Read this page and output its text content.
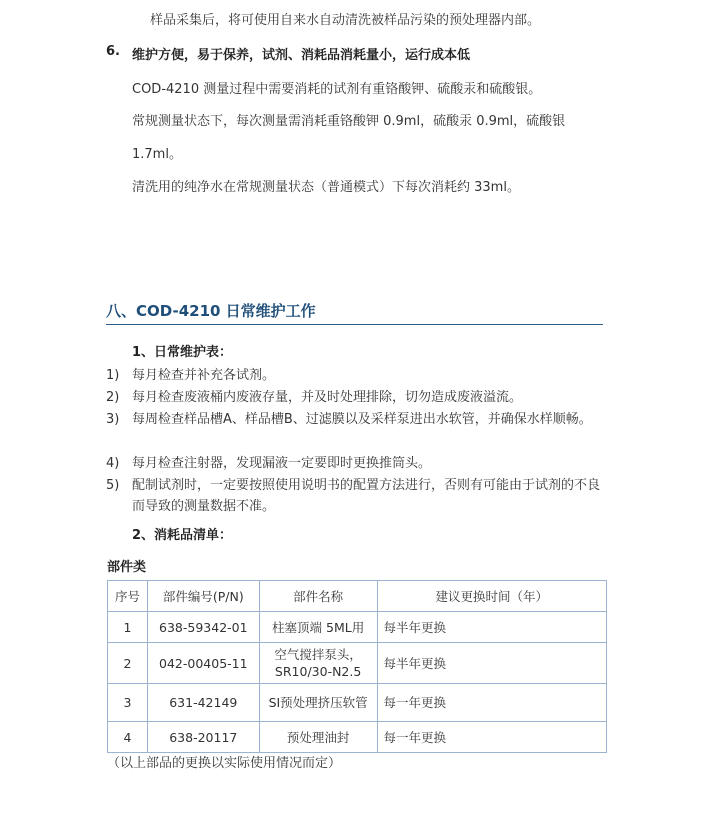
样品采集后，将可使用自来水自动清洗被样品污染的预处理器内部。
6. 维护方便，易于保养，试剂、消耗品消耗量小，运行成本低
COD-4210 测量过程中需要消耗的试剂有重铬酸钾、硫酸汞和硫酸银。
常规测量状态下，每次测量需消耗重铬酸钾 0.9ml，硫酸汞 0.9ml，硫酸银
1.7ml。
清洗用的纯净水在常规测量状态（普通模式）下每次消耗约 33ml。
八、COD-4210 日常维护工作
1、日常维护表：
1) 每月检查并补充各试剂。
2) 每月检查废液桶内废液存量，并及时处理排除，切勿造成废液溢流。
3) 每周检查样品槽A、样品槽B、过滤膜以及采样泵进出水软管，并确保水样顺畅。
4) 每月检查注射器，发现漏液一定要即时更换推筒头。
5) 配制试剂时，一定要按照使用说明书的配置方法进行，否则有可能由于试剂的不良而导致的测量数据不准。
2、消耗品清单：
部件类
序号	部件编号(P/N)	部件名称	建议更换时间（年）
1	638-59342-01	柱塞顶端 5ML用	每半年更换
2	042-00405-11	空气搅拌泵头，SR10/30-N2.5	每半年更换
3	631-42149	SI预处理挤压软管	每一年更换
4	638-20117	预处理油封	每一年更换
（以上部品的更换以实际使用情况而定）
